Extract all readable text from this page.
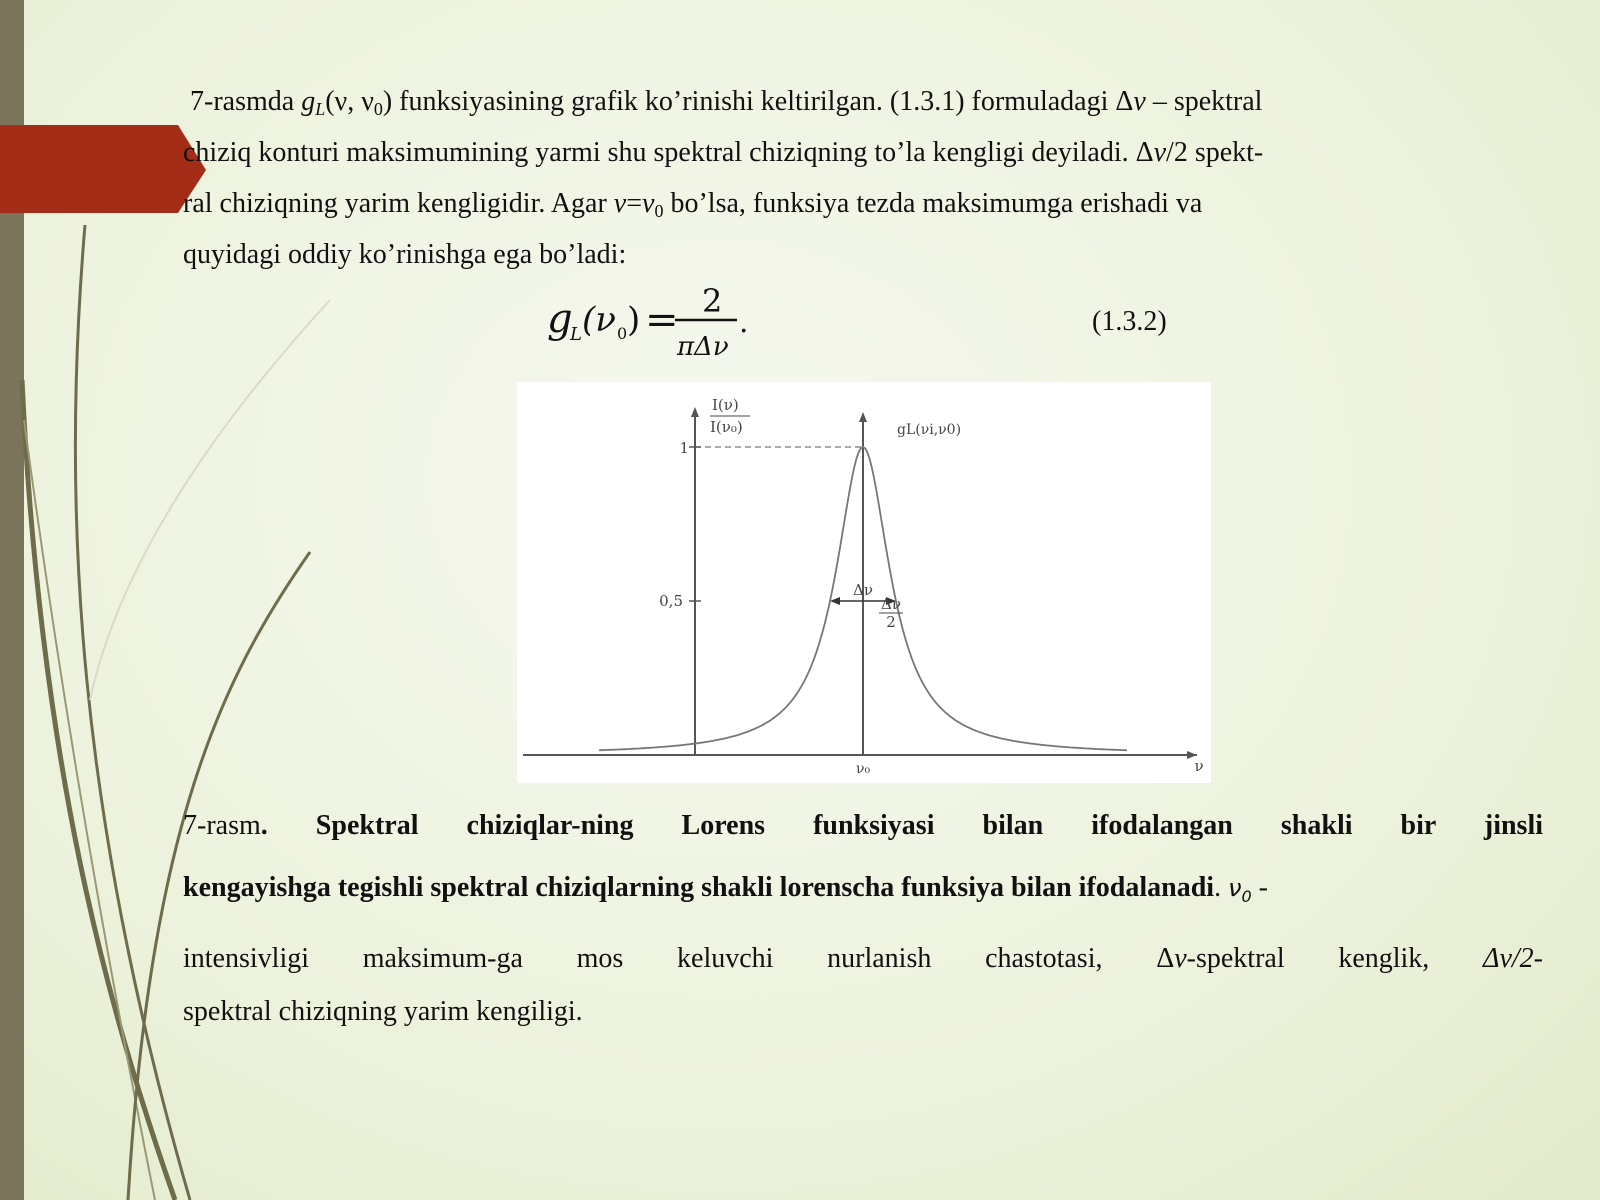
7-rasmda $g_L(\nu$, $\nu_0$) funksiyasining grafik ko’rinishi keltirilgan. (1.3.1) formuladagi Δν – spektral
chiziq konturi maksimumining yarmi shu spektral chiziqning to’la kengligi deyiladi. Δν/2 spekt-
ral chiziqning yarim kengligidir. Agar $\nu=\nu_0$ bo’lsa, funksiya tezda maksimumga erishadi va
quyidagi oddiy ko’rinishga ega bo’ladi:
g
L (ν 0 ) = 2
πΔν
.	(1.3.2)
1
0,5
I(ν)
I(ν₀)	gL(νi,ν0)
Δν
Δν
2
ν₀	ν
7-rasm. Spektral chiziqlar-ning Lorens funksiyasi bilan ifodalangan shakli bir jinsli
kengayishga tegishli spektral chiziqlarning shakli lorenscha funksiya bilan ifodalanadi. $\nu_0$ -
intensivligi maksimum-ga mos keluvchi nurlanish chastotasi, Δν-spektral kenglik, Δν/2-
spektral chiziqning yarim kengiligi.
